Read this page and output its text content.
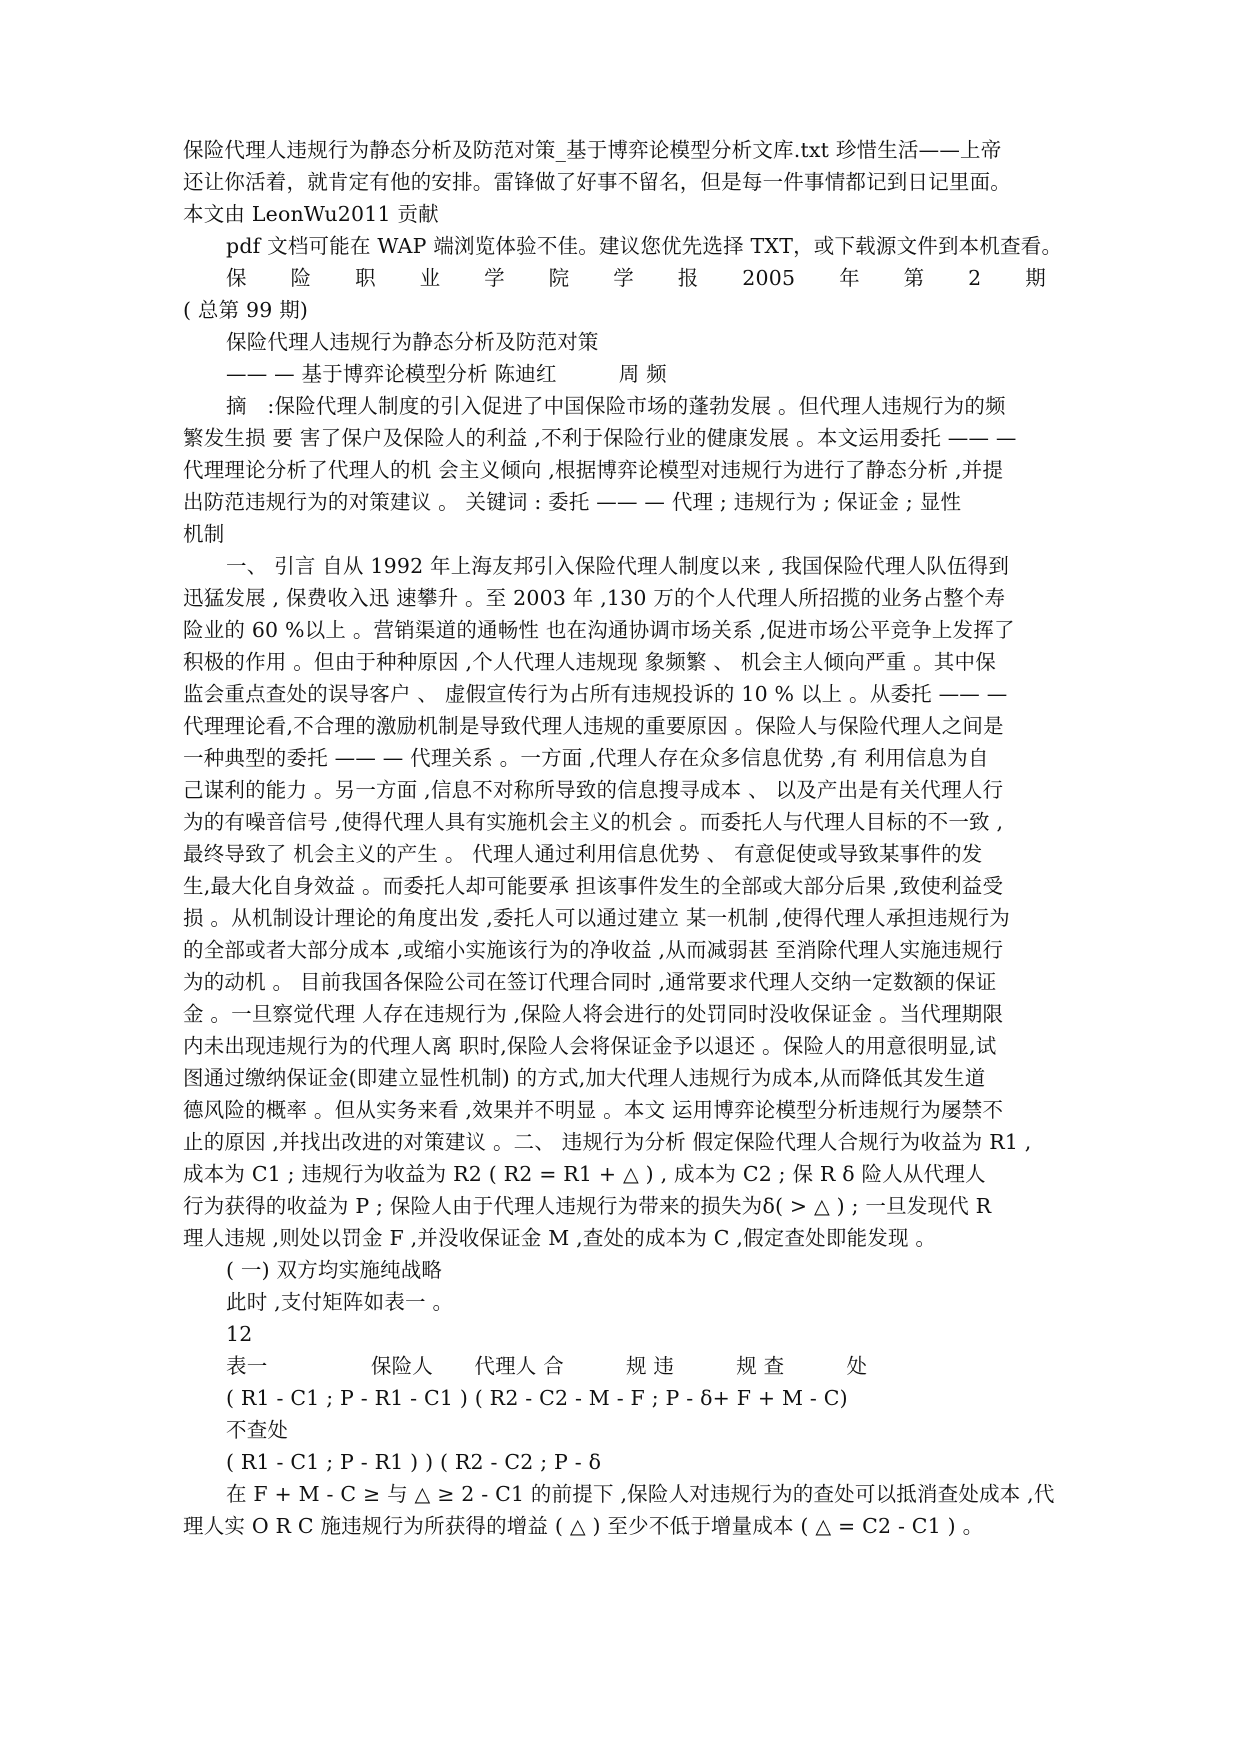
保险代理人违规行为静态分析及防范对策_基于博弈论模型分析文库.txt 珍惜生活——上帝
还让你活着，就肯定有他的安排。雷锋做了好事不留名，但是每一件事情都记到日记里面。
本文由 LeonWu2011 贡献
pdf 文档可能在 WAP 端浏览体验不佳。建议您优先选择 TXT，或下载源文件到本机查看。
保 险 职 业 学 院 学 报 2005 年 第 2 期
( 总第 99 期)
保险代理人违规行为静态分析及防范对策
—— — 基于博弈论模型分析 陈迪红　　　周 频
摘　:保险代理人制度的引入促进了中国保险市场的蓬勃发展 。但代理人违规行为的频
繁发生损 要 害了保户及保险人的利益 ,不利于保险行业的健康发展 。本文运用委托 —— —
代理理论分析了代理人的机 会主义倾向 ,根据博弈论模型对违规行为进行了静态分析 ,并提
出防范违规行为的对策建议 。 关键词 : 委托 —— — 代理 ; 违规行为 ; 保证金 ; 显性
机制
一、 引言 自从 1992 年上海友邦引入保险代理人制度以来 , 我国保险代理人队伍得到
迅猛发展 , 保费收入迅 速攀升 。至 2003 年 ,130 万的个人代理人所招揽的业务占整个寿
险业的 60 %以上 。营销渠道的通畅性 也在沟通协调市场关系 ,促进市场公平竞争上发挥了
积极的作用 。但由于种种原因 ,个人代理人违规现 象频繁 、 机会主人倾向严重 。其中保
监会重点查处的误导客户 、 虚假宣传行为占所有违规投诉的 10 % 以上 。从委托 —— —
代理理论看,不合理的激励机制是导致代理人违规的重要原因 。保险人与保险代理人之间是
一种典型的委托 —— — 代理关系 。一方面 ,代理人存在众多信息优势 ,有 利用信息为自
己谋利的能力 。另一方面 ,信息不对称所导致的信息搜寻成本 、 以及产出是有关代理人行
为的有噪音信号 ,使得代理人具有实施机会主义的机会 。而委托人与代理人目标的不一致 ,
最终导致了 机会主义的产生 。 代理人通过利用信息优势 、 有意促使或导致某事件的发
生,最大化自身效益 。而委托人却可能要承 担该事件发生的全部或大部分后果 ,致使利益受
损 。从机制设计理论的角度出发 ,委托人可以通过建立 某一机制 ,使得代理人承担违规行为
的全部或者大部分成本 ,或缩小实施该行为的净收益 ,从而减弱甚 至消除代理人实施违规行
为的动机 。 目前我国各保险公司在签订代理合同时 ,通常要求代理人交纳一定数额的保证
金 。一旦察觉代理 人存在违规行为 ,保险人将会进行的处罚同时没收保证金 。当代理期限
内未出现违规行为的代理人离 职时,保险人会将保证金予以退还 。保险人的用意很明显,试
图通过缴纳保证金(即建立显性机制) 的方式,加大代理人违规行为成本,从而降低其发生道
德风险的概率 。但从实务来看 ,效果并不明显 。本文 运用博弈论模型分析违规行为屡禁不
止的原因 ,并找出改进的对策建议 。二、 违规行为分析 假定保险代理人合规行为收益为 R1 ,
成本为 C1 ; 违规行为收益为 R2 ( R2 = R1 + △ ) , 成本为 C2 ; 保 R δ 险人从代理人
行为获得的收益为 P ; 保险人由于代理人违规行为带来的损失为δ( > △ ) ; 一旦发现代 R
理人违规 ,则处以罚金 F ,并没收保证金 M ,查处的成本为 C ,假定查处即能发现 。
( 一) 双方均实施纯战略
此时 ,支付矩阵如表一 。
12
表一　　　　　保险人　　代理人 合　　　规 违　　　规 查　　　处
( R1 - C1 ; P - R1 - C1 ) ( R2 - C2 - M - F ; P - δ+ F + M - C)
不查处
( R1 - C1 ; P - R1 ) ) ( R2 - C2 ; P - δ
在 F + M - C ≥ 与 △ ≥ 2 - C1 的前提下 ,保险人对违规行为的查处可以抵消查处成本 ,代
理人实 O R C 施违规行为所获得的增益 ( △ ) 至少不低于增量成本 ( △ = C2 - C1 ) 。
